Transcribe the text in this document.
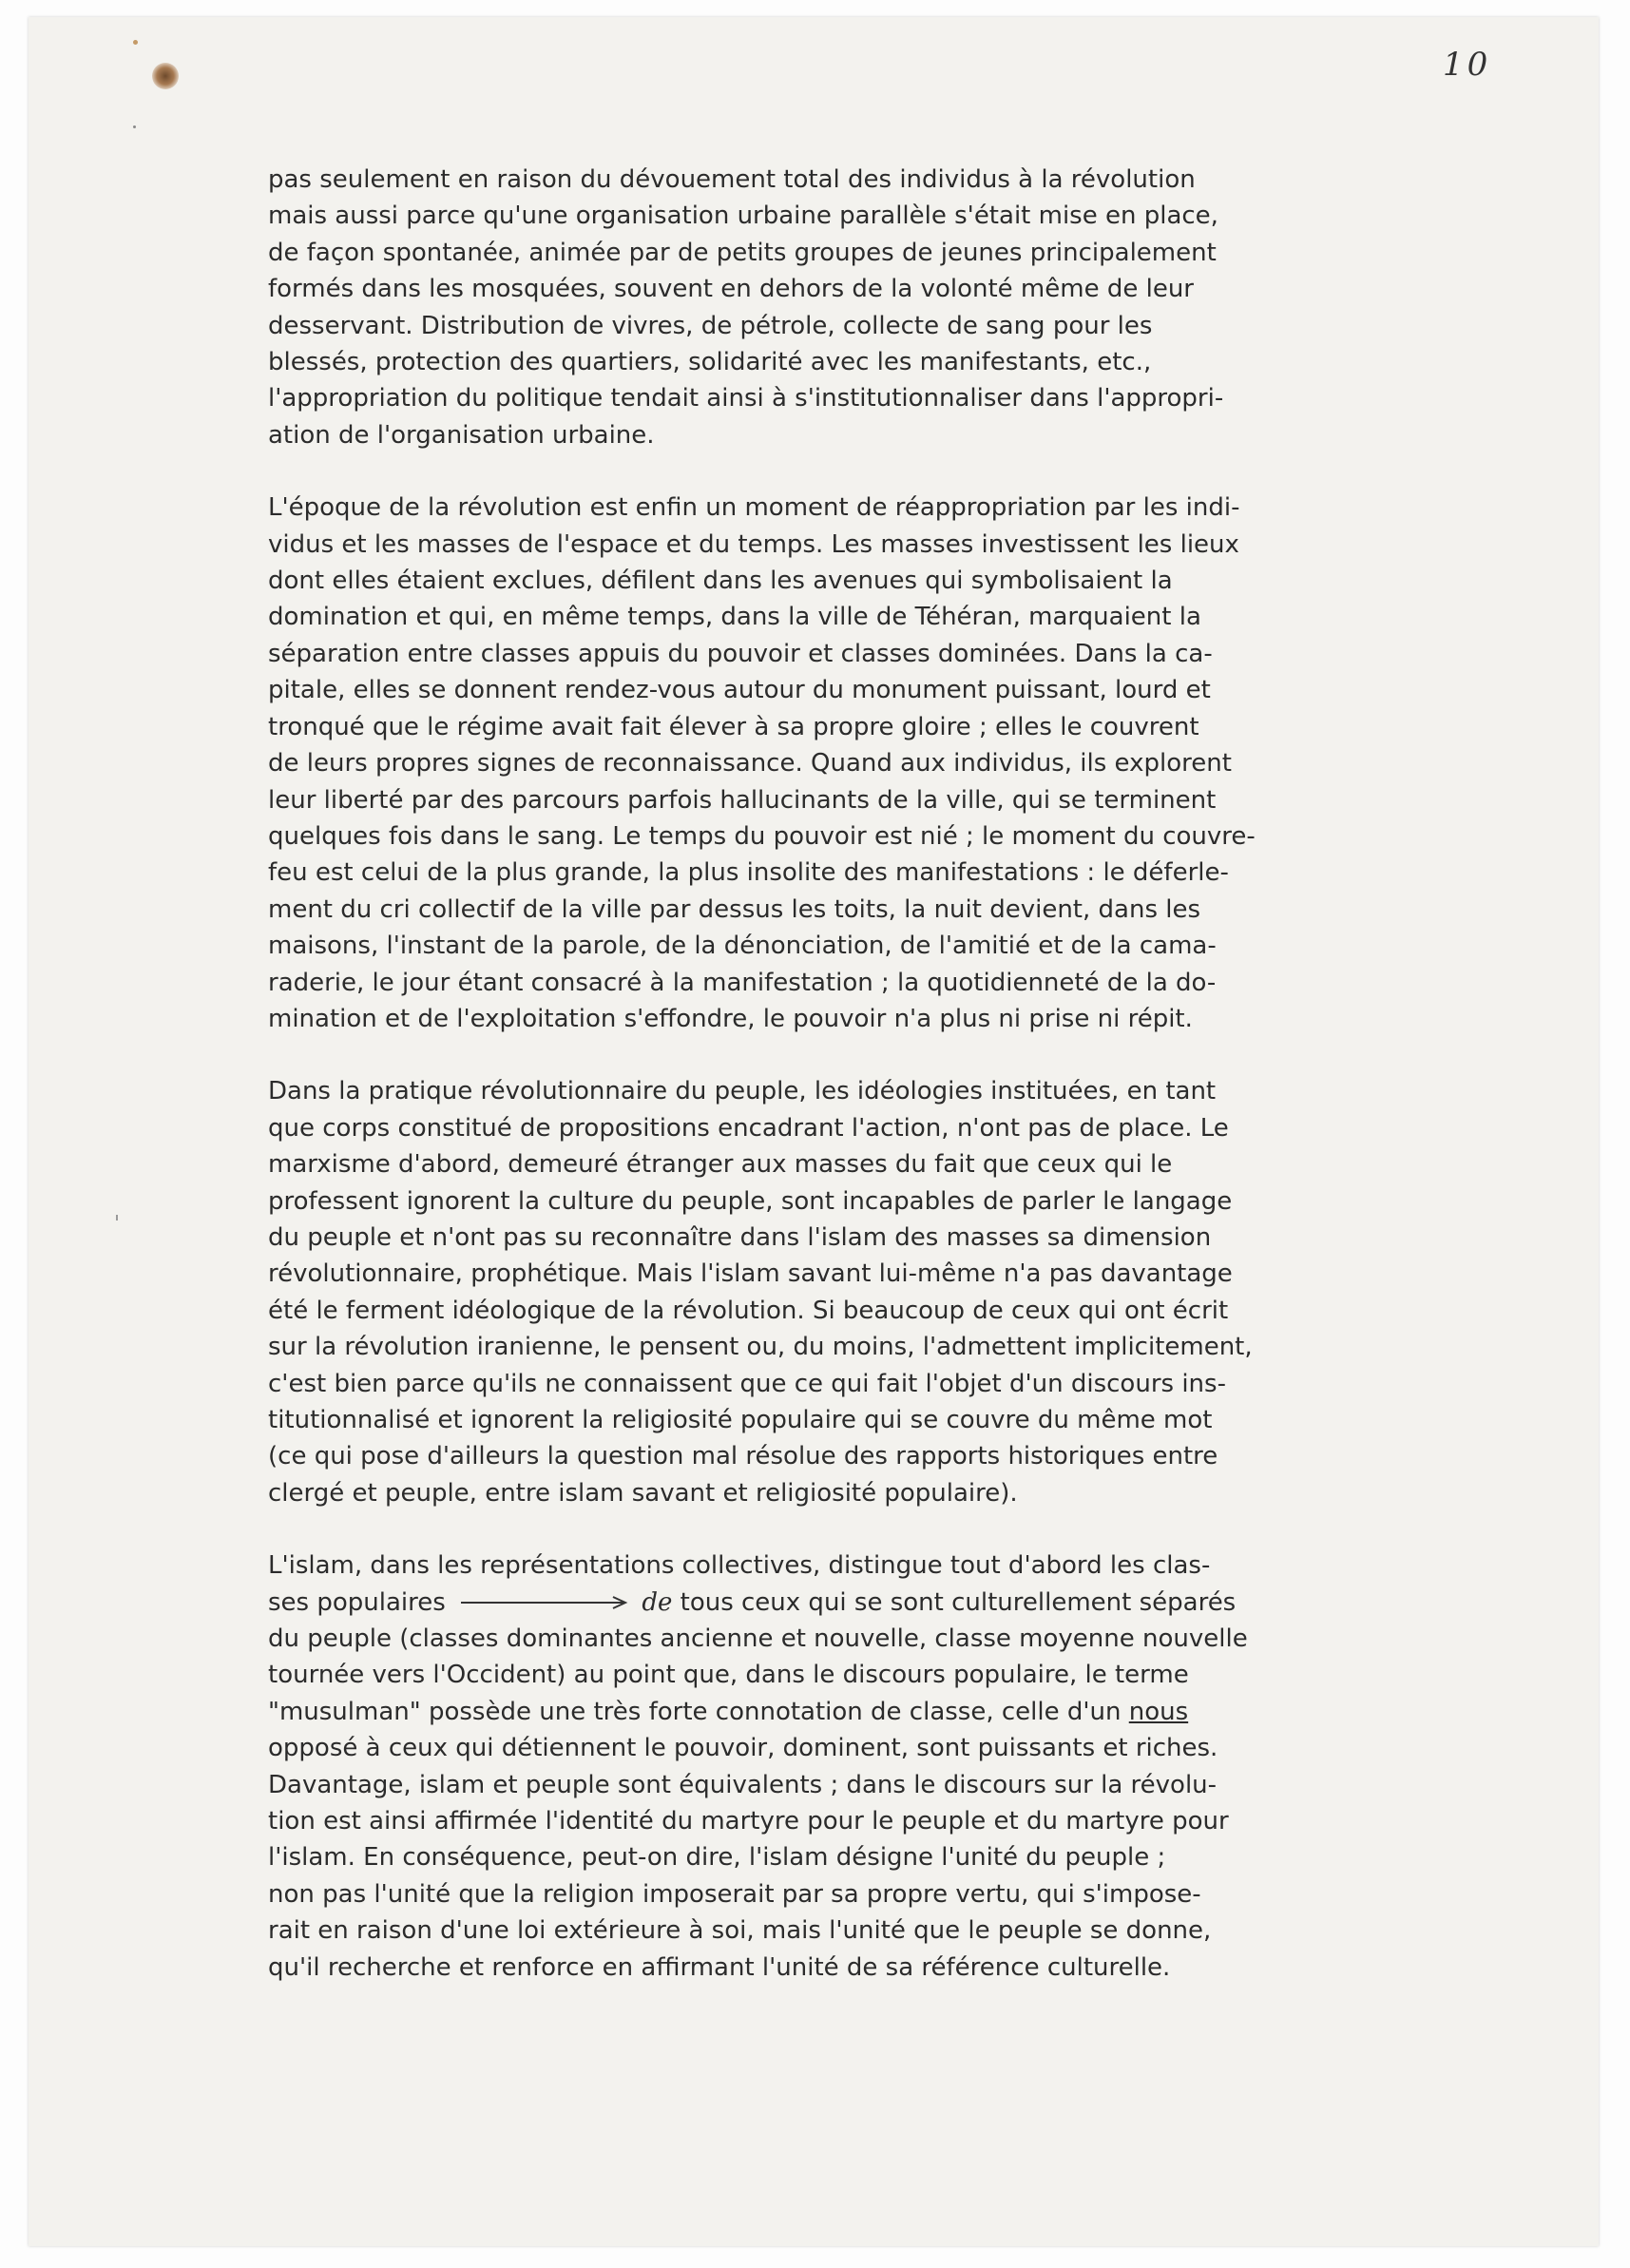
10
pas seulement en raison du dévouement total des individus à la révolution
mais aussi parce qu'une organisation urbaine parallèle s'était mise en place,
de façon spontanée, animée par de petits groupes de jeunes principalement
formés dans les mosquées, souvent en dehors de la volonté même de leur
desservant. Distribution de vivres, de pétrole, collecte de sang pour les
blessés, protection des quartiers, solidarité avec les manifestants, etc.,
l'appropriation du politique tendait ainsi à s'institutionnaliser dans l'appropri-
ation de l'organisation urbaine.
L'époque de la révolution est enfin un moment de réappropriation par les indi-
vidus et les masses de l'espace et du temps. Les masses investissent les lieux
dont elles étaient exclues, défilent dans les avenues qui symbolisaient la
domination et qui, en même temps, dans la ville de Téhéran, marquaient la
séparation entre classes appuis du pouvoir et classes dominées. Dans la ca-
pitale, elles se donnent rendez-vous autour du monument puissant, lourd et
tronqué que le régime avait fait élever à sa propre gloire ; elles le couvrent
de leurs propres signes de reconnaissance. Quand aux individus, ils explorent
leur liberté par des parcours parfois hallucinants de la ville, qui se terminent
quelques fois dans le sang. Le temps du pouvoir est nié ; le moment du couvre-
feu est celui de la plus grande, la plus insolite des manifestations : le déferle-
ment du cri collectif de la ville par dessus les toits, la nuit devient, dans les
maisons, l'instant de la parole, de la dénonciation, de l'amitié et de la cama-
raderie, le jour étant consacré à la manifestation ; la quotidienneté de la do-
mination et de l'exploitation s'effondre, le pouvoir n'a plus ni prise ni répit.
Dans la pratique révolutionnaire du peuple, les idéologies instituées, en tant
que corps constitué de propositions encadrant l'action, n'ont pas de place. Le
marxisme d'abord, demeuré étranger aux masses du fait que ceux qui le
professent ignorent la culture du peuple, sont incapables de parler le langage
du peuple et n'ont pas su reconnaître dans l'islam des masses sa dimension
révolutionnaire, prophétique. Mais l'islam savant lui-même n'a pas davantage
été le ferment idéologique de la révolution. Si beaucoup de ceux qui ont écrit
sur la révolution iranienne, le pensent ou, du moins, l'admettent implicitement,
c'est bien parce qu'ils ne connaissent que ce qui fait l'objet d'un discours ins-
titutionnalisé et ignorent la religiosité populaire qui se couvre du même mot
(ce qui pose d'ailleurs la question mal résolue des rapports historiques entre
clergé et peuple, entre islam savant et religiosité populaire).
L'islam, dans les représentations collectives, distingue tout d'abord les clas-
ses populaires	de tous ceux qui se sont culturellement séparés
du peuple (classes dominantes ancienne et nouvelle, classe moyenne nouvelle
tournée vers l'Occident) au point que, dans le discours populaire, le terme
"musulman" possède une très forte connotation de classe, celle d'un nous
opposé à ceux qui détiennent le pouvoir, dominent, sont puissants et riches.
Davantage, islam et peuple sont équivalents ; dans le discours sur la révolu-
tion est ainsi affirmée l'identité du martyre pour le peuple et du martyre pour
l'islam. En conséquence, peut-on dire, l'islam désigne l'unité du peuple ;
non pas l'unité que la religion imposerait par sa propre vertu, qui s'impose-
rait en raison d'une loi extérieure à soi, mais l'unité que le peuple se donne,
qu'il recherche et renforce en affirmant l'unité de sa référence culturelle.
